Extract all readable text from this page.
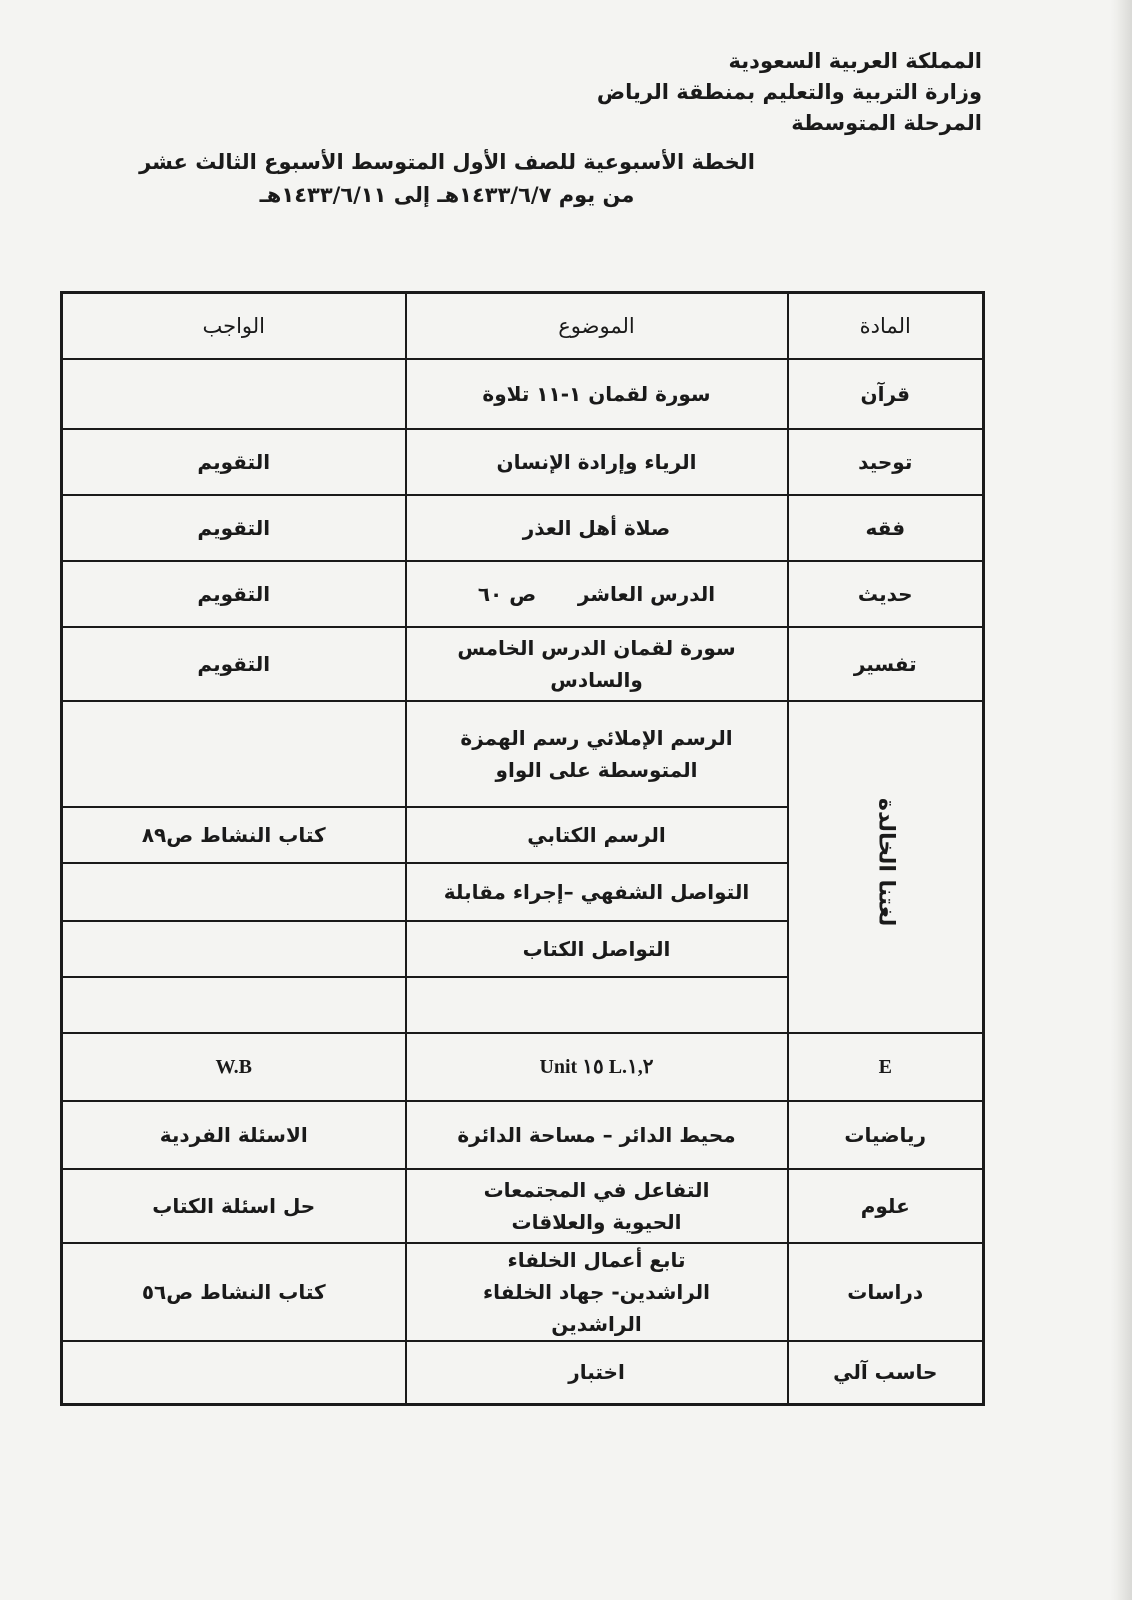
المملكة العربية السعودية
وزارة التربية والتعليم بمنطقة الرياض
المرحلة المتوسطة
الخطة الأسبوعية للصف الأول المتوسط الأسبوع الثالث عشر
من يوم ١٤٣٣/٦/٧هـ إلى ١٤٣٣/٦/١١هـ
المادة	الموضوع	الواجب
قرآن	سورة لقمان ١-١١ تلاوة	
توحيد	الرياء وإرادة الإنسان	التقويم
فقه	صلاة أهل العذر	التقويم
حديث	الدرس العاشر      ص ٦٠	التقويم
تفسير	سورة لقمان الدرس الخامس والسادس	التقويم
لغتنا الخالدة	الرسم الإملائي رسم الهمزة
المتوسطة على الواو	

	الرسم الكتابي	كتاب النشاط ص٨٩
	التواصل الشفهي –إجراء مقابلة	
	التواصل الكتاب	

E	Unit ١٥ L.١,٢	W.B
رياضيات	محيط الدائر – مساحة الدائرة	الاسئلة الفردية
علوم	التفاعل في المجتمعات الحيوية والعلاقات	حل اسئلة الكتاب
دراسات	تابع أعمال الخلفاء الراشدين- جهاد الخلفاء الراشدين	كتاب النشاط ص٥٦
حاسب آلي	اختبار	
